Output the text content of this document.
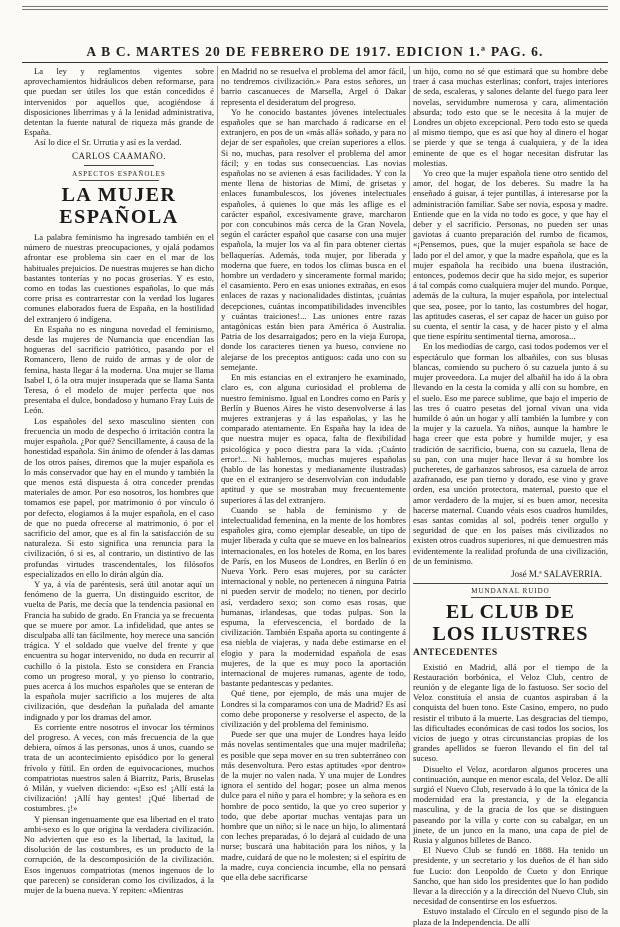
A B C. MARTES 20 DE FEBRERO DE 1917. EDICION 1.ª PAG. 6.

La ley y reglamentos vigentes sobre aprovechamientos hidráulicos deben reformarse, para que puedan ser útiles los que están concedidos é intervenidos por aquellos que, acogiéndose á disposiciones liberrimas y á la lenidad administrativa, detentan la fuente natural de riqueza más grande de España.

Así lo dice el Sr. Urrutia y así es la verdad.

CARLOS CAAMAÑO.
ASPECTOS ESPAÑOLES
LA MUJER ESPAÑOLA

La palabra feminismo ha ingresado también en el número de nuestras preocupaciones, y ojalá podamos afrontar ese problema sin caer en el mar de los habituales prejuicios. De nuestras mujeres se han dicho bastantes tonterías y no pocas groserías. Y es esto, como en todas las cuestiones españolas, lo que más corre prisa es contrarrestar con la verdad los lugares comunes elaborados fuera de España, en la hostilidad del extranjero ó indígena.

En España no es ninguna novedad el feminismo, desde las mujeres de Numancia que encendían las hogueras del sacrificio patriótico, pasando por el Romancero, lleno de ruido de armas y de olor de femina, hasta llegar á la moderna. Una mujer se llama Isabel I, ó la otra mujer insuperada que se llama Santa Teresa, ó el modelo de mujer perfecta que nos presentaba el dulce, bondadoso y humano Fray Luis de León.

Los españoles del sexo masculino sienten con frecuencia un modo de despecho ó irritación contra la mujer española. ¿Por qué? Sencillamente, á causa de la honestidad española. Sin ánimo de ofender á las damas de los otros países, diremos que la mujer española es lo más conservador que hay en el mundo y también la que menos está dispuesta á otra conceder prendas materiales de amor. Por eso nosotros, los hombres que tomamos ese papel, por matrimonio ó por vínculo ó por defecto, elogiamos á la mujer española, en el caso de que no pueda ofrecerse al matrimonio, ó por el sacrificio del amor, que es al fin la satisfacción de su naturaleza. Si esto significa una renuncia para la civilización, ó si es, al contrario, un distintivo de las profundas virtudes trascendentales, los filósofos especializados en ello lo dirán algún día.

Y ya, á vía de paréntesis, será útil anotar aquí un fenómeno de la guerra. Un distinguido escritor, de vuelta de París, me decía que la tendencia pasional en Francia ha subido de grado. En Francia ya se frecuenta que se muere por amor. La infidelidad, que antes se disculpaba allí tan fácilmente, hoy merece una sanción trágica. Y el soldado que vuelve del frente y que encuentra su hogar intervenido, no duda en recurrir al cuchillo ó la pistola. Esto se considera en Francia como un progreso moral, y yo pienso lo contrario, pues acerca á los muchos españoles que se enteran de la española mujer sacrificio a los mujeres de alta civilización, que desdeñan la puñalada del amante indignado y por los dramas del amor.

Es corriente entre nosotros el invocar los términos del progreso. A veces, con más frecuencia de la que debiera, oímos á las personas, unos á unos, cuando se trata de un acontecimiento episódico por lo general frívolo y fútil. En orden de equivocaciones, muchos compatriotas nuestros salen á Biarritz, Paris, Bruselas ó Milán, y vuelven diciendo: «¡Eso es! ¡Allí está la civilización! ¡Allí hay gentes! ¡Qué libertad de costumbres. ¡!»

Y piensan ingenuamente que esa libertad en el trato ambi-sexo es lo que origina la verdadera civilización. No advierten que eso es la libertad, la laxitud, la disolución de las costumbres, es un producto de la corrupción, de la descomposición de la civilización. Esos ingenuos compatriotas (menos ingenuos de lo que parecen) se consideran como los civilizados, á la mujer de la buena nueva. Y repiten: «Mientras

en Madrid no se resuelva el problema del amor fácil, no tendremos civilización.» Para estos señores, un barrio cascanueces de Marsella, Argel ó Dakar representa el desideratum del progreso.

Yo he conocido bastantes jóvenes intelectuales españoles que se han marchado á radicarse en el extranjero, en pos de un «más allá» soñado, y para no dejar de ser españoles, que creían superiores a ellos. Si no, muchas, para resolver el problema del amor fácil; y en todas sus consecuencias. Las novias españolas no se avienen á esas facilidades. Y con la mente llena de historias de Mimí, de grisetas y enlaces funambulescos, los jóvenes intelectuales españoles, á quienes lo que más les aflige es el carácter español, excesivamente grave, marcharon por con concubinos más cerca de la Gran Novela, según el carácter español que casarse con una mujer española, la mujer los va al fin para obtener ciertas bellaquerías. Además, toda mujer, por liberada y moderna que fuere, en todos los climas busca en el hombre un verdadero y sinceramente formal marido; el casamiento. Pero en esas uniones extrañas, en esos enlaces de razas y nacionalidades distintas, ¡cuántas decepciones, cuántas incompatibilidades invencibles y cuántas traiciones!... Las uniones entre razas antagónicas están bien para América ó Australia. Patria de los desarraigados; pero en la vieja Europa, donde los caracteres tienen ya hueso, conviene no alejarse de los preceptos antiguos: cada uno con su semejante.

En mis estancias en el extranjero he examinado, claro es, con alguna curiosidad el problema de nuestro feminismo. Igual en Londres como en París y Berlín y Buenos Aires he visto desenvolverse á las mujeres extranjeras y á las españolas, y las he comparado atentamente. En España hay la idea de que nuestra mujer es opaca, falta de flexibilidad psicológica y poco diestra para la vida. ¡Cuánto error!... Ni hablemos, muchas mujeres españolas (hablo de las honestas y medianamente ilustradas) que en el extranjero se desenvolvían con indudable aptitud y que se mostraban muy frecuentemente superiores á las del extranjero.

Cuando se habla de feminismo y de intelectualidad femenina, en la mente de los hombres españoles gira, como ejemplar deseable, un tipo de mujer liberada y culta que se mueve en los balnearios internacionales, en los hoteles de Roma, en los bares de París, en los Museos de Londres, en Berlín ó en Nueva York. Pero esas mujeres, por su carácter internacional y noble, no pertenecen á ninguna Patria ni pueden servir de modelo; no tienen, por decirlo así, verdadero sexo; son como esas rosas, que humanas, irlandesas, que todas pulpas. Son la espuma, la efervescencia, el bordado de la civilización. También España aporta su contingente á esa niebla de viajeras, y nada debe estimarse en el elogio y para la modernidad española de esas mujeres, de la que es muy poco la aportación internacional de mujeres rumanas, agente de todo, bastante pedantescas y pedantes.

Qué tiene, por ejemplo, de más una mujer de Londres si la comparamos con una de Madrid? Es así como debe proponerse y resolverse el aspecto, de la civilización y del problema del feminismo.

Puede ser que una mujer de Londres haya leído más novelas sentimentales que una mujer madrileña; es posible que sepa mover en su tren subterráneo con más desenvoltura. Pero estas aptitudes «por dentro» de la mujer no valen nada. Y una mujer de Londres ignora el sentido del hogar; posee un alma menos dulce para el niño y para el hombre; y la señora es en hombre de poco sentido, la que yo creo superior y todo, que debe aportar muchas ventajas para un hombre que un niño; si le nace un hijo, lo alimentará con leches preparadas, ó lo dejará al cuidado de una nurse; buscará una habitación para los niños, y la madre, cuidará de que no le molesten; si el espíritu de la madre, cuya conciencia incumbe, ella no pensará que ella debe sacrificarse

un hijo, como no sé que estimará que su hombre debe traer á casa muchas esterlinas; confort, trajes interiores de seda, escaleras, y salones delante del fuego para leer novelas, servidumbre numerosa y cara, alimentación absurda; todo esto que se le necesita á la mujer de Londres un objeto excepcional. Pero todo esto se queda al mismo tiempo, que es así que hoy al dinero el hogar se pierde y que se tenga á cualquiera, y de la idea eminente de que es el hogar necesitan disfrutar las molestias.

Yo creo que la mujer española tiene otro sentido del amor, del hogar, de los deberes. Su madre la ha enseñado á guisar, á tejer puntillas, á interesarse por la administración familiar. Sabe ser novia, esposa y madre. Entiende que en la vida no todo es goce, y que hay el deber y el sacrificio. Personas, no pueden ser unas gaviotas á cuanto preparación del rumbo de ficamos, «¡Pensemos, pues, que la mujer española se hace de lado por el del amor, y que la madre española, que es la mujer española ha recibido una buena ilustración, entonces, podemos decir que ha sido mejor, es superior á tal compás como cualquiera mujer del mundo. Porque, además de la cultura, la mujer española, por intelectual que sea, posee, por lo tanto, las costumbres del hogar, las aptitudes caseras, el ser capaz de hacer un guiso por su cuenta, el sentir la casa, y de hacer pisto y el alma que tiene espíritu sentimental tierna, amorosa...

En los mediodías de cargo, casi todos podemos ver el espectáculo que forman los albañiles, con sus blusas blancas, comiendo su puchero ó su cazuela junto á su mujer proveedora. La mujer del albañil ha ido á la obra llevando en la cesta la comida y allí con su hombre, en el suelo. Eso me parece sublime, que bajo el imperio de las tres ó cuatro pesetas del jornal vivan una vida humilde ó aún un hogar y allí también la lumbre y con la mujer y la cazuela. Ya niños, aunque la hambre le haga creer que esta pobre y humilde mujer, y esa tradición de sacrificio, buena, con su cazuela, llena de su pan, con una mujer hace llevar á su hombre los pucheretes, de garbanzos sabrosos, esa cazuela de arroz azafranado, ese pan tierno y dorado, ese vino y grave orden, esa unción protectora, maternal, puesto que el amor verdadero de la mujer, si es buen amor, necesita hacerse maternal. Cuando véais esos cuadros humildes, esas santas comidas al sol, podréis tener orgullo y seguridad de que en los países más civilizados no existen otros cuadros superiores, ni que demuestren más evidentemente la realidad profunda de una civilización, de un feminismo.

José M.ª SALAVERRIA.
MUNDANAL RUIDO
EL CLUB DE
LOS ILUSTRES
ANTECEDENTES

Existió en Madrid, allá por el tiempo de la Restauración borbónica, el Veloz Club, centro de reunión y de elegante liga de lo fastuoso. Ser socio del Veloz constituía el ansia de cuantos aspiraban á la conquista del buen tono. Este Casino, empero, no pudo resistir el tributo á la muerte. Las desgracias del tiempo, las dificultades económicas de casi todos los socios, los vicios de juego y otras circunstancias propias de los grandes apellidos se fueron llevando el fin del tal suceso.

Disuelto el Veloz, acordaron algunos proceres una continuación, aunque en menor escala, del Veloz. De allí surgió el Nuevo Club, reservado á lo que la tónica de la modernidad era la prestancia, y de la elegancia masculina, y de la gracia de los que se distinguen paseando por la villa y corte con su cabalgar, en un jinete, de un junco en la mano, una capa de piel de Rusia y algunos billetes de Banco.

El Nuevo Club se fundó en 1888. Ha tenido un presidente, y un secretario y los dueños de él han sido fue Lucio: don Leopoldo de Cueto y don Enrique Sancho, que han sido los presidentes que lo han podido llevar a la dirección y a la dirección del Nuevo Club, sin necesidad de consentirse en los esfuerzos.

Estuvo instalado el Círculo en el segundo piso de la plaza de la Independencia. De allí
